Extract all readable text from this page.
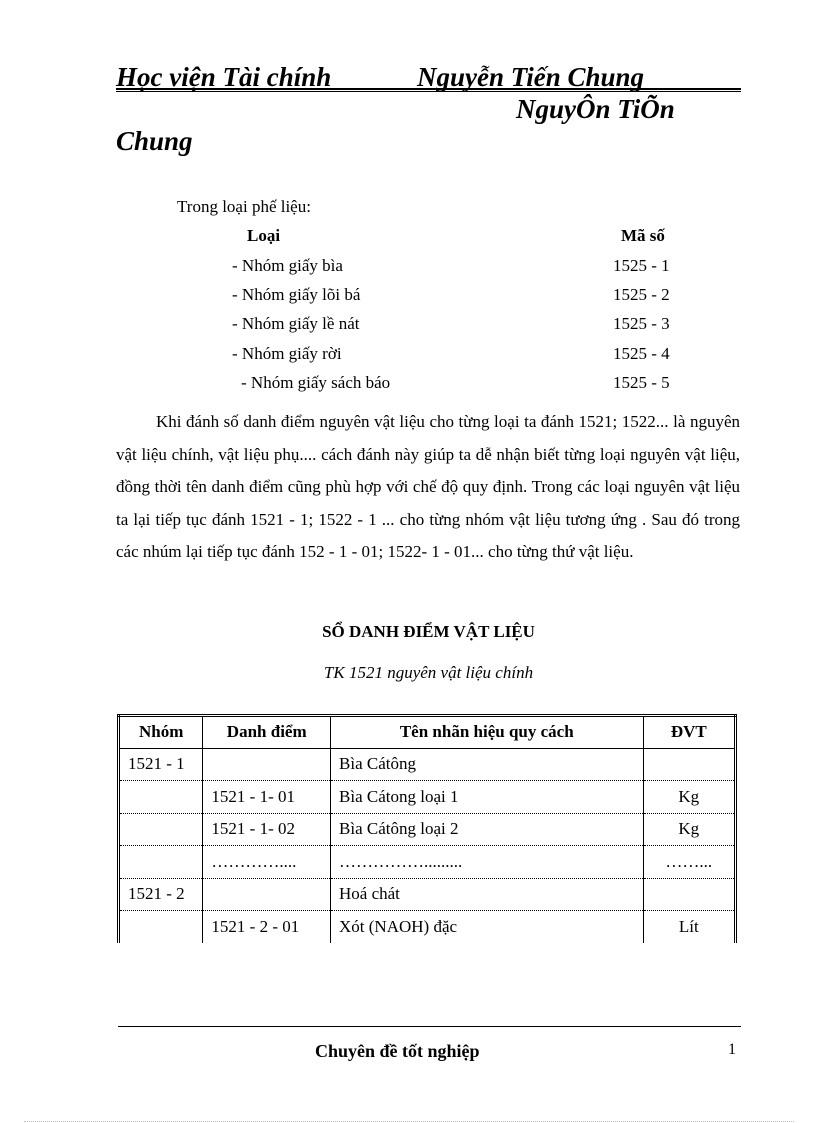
Học viện Tài chính	Nguyễn Tiến Chung
NguyÔn TiÕn
Chung
Trong loại phế liệu:
Loại	Mã số
- Nhóm giấy bìa	1525 - 1
- Nhóm giấy lõi bá	1525 - 2
- Nhóm giấy lề nát	1525 - 3
- Nhóm giấy rời	1525 - 4
- Nhóm giấy sách báo	1525 - 5

Khi đánh số danh điểm nguyên vật liệu cho từng loại ta đánh 1521; 1522... là nguyên vật liệu chính, vật liệu phụ.... cách đánh này giúp ta dễ nhận biết từng loại nguyên vật liệu, đồng thời tên danh điểm cũng phù hợp với chế độ quy định. Trong các loại nguyên vật liệu ta lại tiếp tục đánh 1521 - 1; 1522 - 1 ... cho từng nhóm vật liệu tương ứng . Sau đó trong các nhúm lại tiếp tục đánh 152 - 1 - 01; 1522- 1 - 01... cho từng thứ vật liệu.

SỔ DANH ĐIỂM VẬT LIỆU
TK 1521 nguyên vật liệu chính
Nhóm	Danh điểm	Tên nhãn hiệu quy cách	ĐVT
1521 - 1		Bìa Cátông	
	1521 - 1- 01	Bìa Cátong loại 1	Kg
	1521 - 1- 02	Bìa Cátông loại 2	Kg
	…………....	…………….........	……...
1521 - 2		Hoá chát	
	1521 - 2 - 01	Xót (NAOH) đặc	Lít
Chuyên đề tốt nghiệp	1
